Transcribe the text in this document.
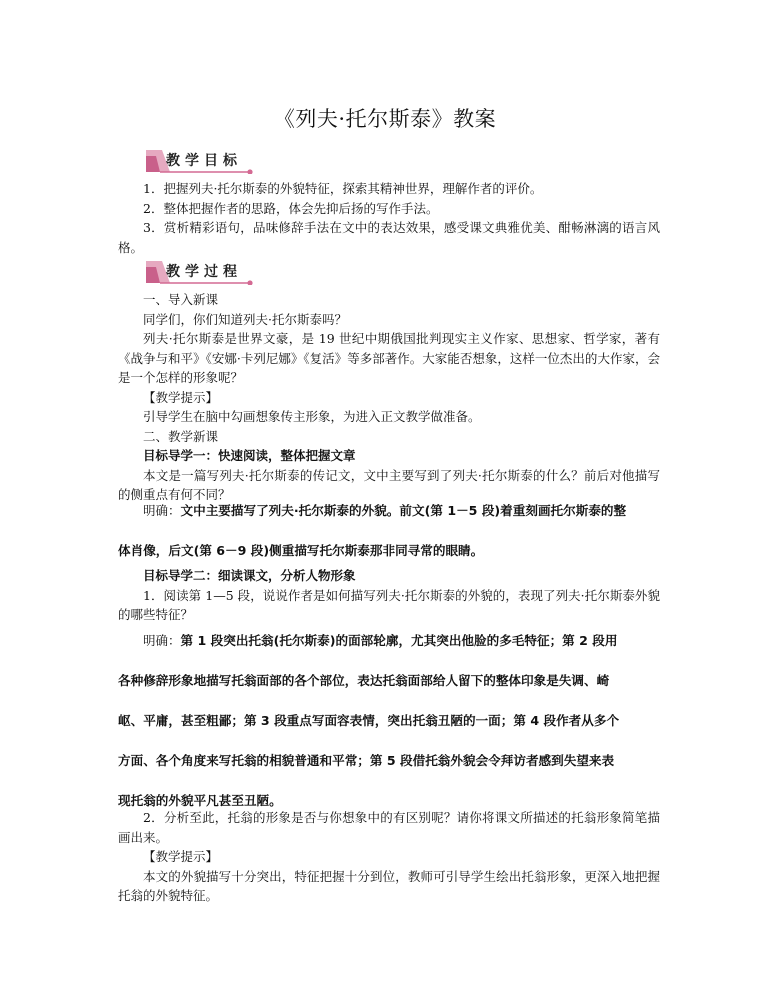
《列夫·托尔斯泰》教案
教学目标

1．把握列夫·托尔斯泰的外貌特征，探索其精神世界，理解作者的评价。

2．整体把握作者的思路，体会先抑后扬的写作手法。

3．赏析精彩语句，品味修辞手法在文中的表达效果，感受课文典雅优美、酣畅淋漓的语言风格。

教学过程

一、导入新课

同学们，你们知道列夫·托尔斯泰吗？

列夫·托尔斯泰是世界文豪，是 19 世纪中期俄国批判现实主义作家、思想家、哲学家，著有《战争与和平》《安娜·卡列尼娜》《复活》等多部著作。大家能否想象，这样一位杰出的大作家，会是一个怎样的形象呢？

【教学提示】

引导学生在脑中勾画想象传主形象，为进入正文教学做准备。

二、教学新课

目标导学一：快速阅读，整体把握文章

本文是一篇写列夫·托尔斯泰的传记文，文中主要写到了列夫·托尔斯泰的什么？前后对他描写的侧重点有何不同？

明确：文中主要描写了列夫·托尔斯泰的外貌。前文(第 1－5 段)着重刻画托尔斯泰的整
体肖像，后文(第 6－9 段)侧重描写托尔斯泰那非同寻常的眼睛。

目标导学二：细读课文，分析人物形象

1．阅读第 1—5 段，说说作者是如何描写列夫·托尔斯泰的外貌的，表现了列夫·托尔斯泰外貌的哪些特征？

明确：第 1 段突出托翁(托尔斯泰)的面部轮廓，尤其突出他脸的多毛特征；第 2 段用
各种修辞形象地描写托翁面部的各个部位，表达托翁面部给人留下的整体印象是失调、崎
岖、平庸，甚至粗鄙；第 3 段重点写面容表情，突出托翁丑陋的一面；第 4 段作者从多个
方面、各个角度来写托翁的相貌普通和平常；第 5 段借托翁外貌会令拜访者感到失望来表
现托翁的外貌平凡甚至丑陋。

2．分析至此，托翁的形象是否与你想象中的有区别呢？请你将课文所描述的托翁形象简笔描画出来。

【教学提示】

本文的外貌描写十分突出，特征把握十分到位，教师可引导学生绘出托翁形象，更深入地把握托翁的外貌特征。
